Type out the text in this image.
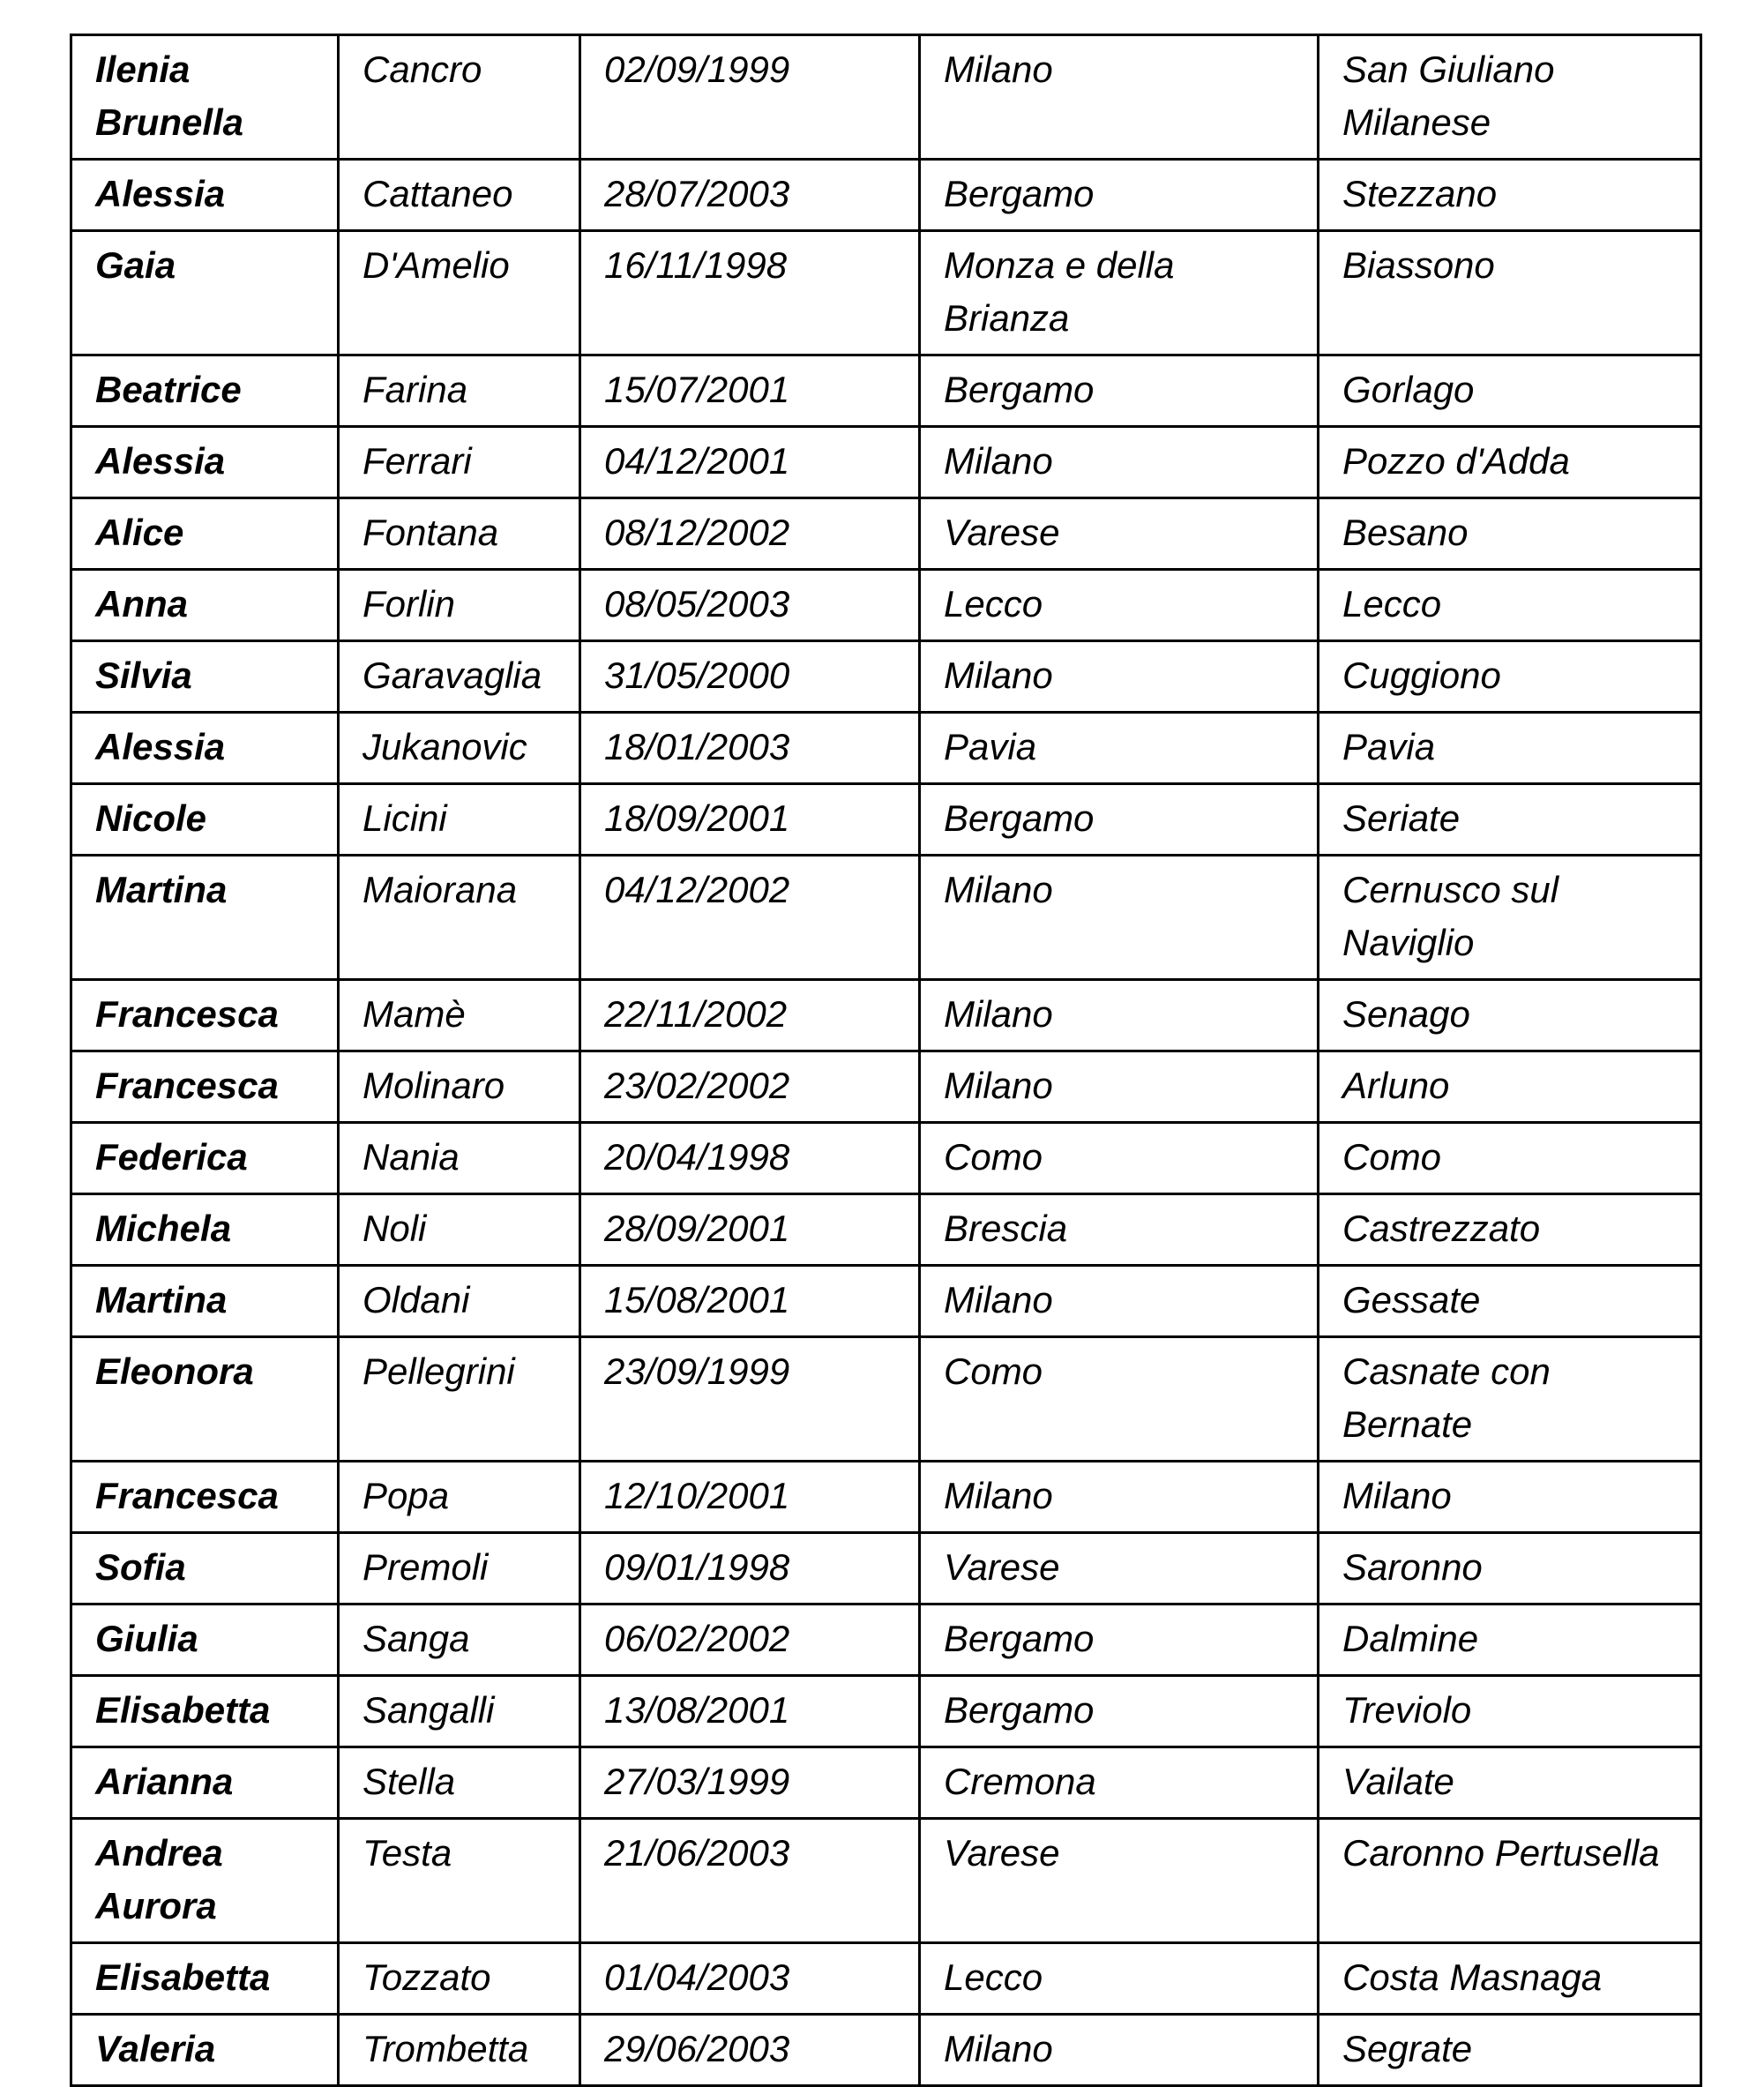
Ilenia Brunella	Cancro	02/09/1999	Milano	San Giuliano Milanese
Alessia	Cattaneo	28/07/2003	Bergamo	Stezzano
Gaia	D'Amelio	16/11/1998	Monza e della Brianza	Biassono
Beatrice	Farina	15/07/2001	Bergamo	Gorlago
Alessia	Ferrari	04/12/2001	Milano	Pozzo d'Adda
Alice	Fontana	08/12/2002	Varese	Besano
Anna	Forlin	08/05/2003	Lecco	Lecco
Silvia	Garavaglia	31/05/2000	Milano	Cuggiono
Alessia	Jukanovic	18/01/2003	Pavia	Pavia
Nicole	Licini	18/09/2001	Bergamo	Seriate
Martina	Maiorana	04/12/2002	Milano	Cernusco sul Naviglio
Francesca	Mamè	22/11/2002	Milano	Senago
Francesca	Molinaro	23/02/2002	Milano	Arluno
Federica	Nania	20/04/1998	Como	Como
Michela	Noli	28/09/2001	Brescia	Castrezzato
Martina	Oldani	15/08/2001	Milano	Gessate
Eleonora	Pellegrini	23/09/1999	Como	Casnate con Bernate
Francesca	Popa	12/10/2001	Milano	Milano
Sofia	Premoli	09/01/1998	Varese	Saronno
Giulia	Sanga	06/02/2002	Bergamo	Dalmine
Elisabetta	Sangalli	13/08/2001	Bergamo	Treviolo
Arianna	Stella	27/03/1999	Cremona	Vailate
Andrea Aurora	Testa	21/06/2003	Varese	Caronno Pertusella
Elisabetta	Tozzato	01/04/2003	Lecco	Costa Masnaga
Valeria	Trombetta	29/06/2003	Milano	Segrate
